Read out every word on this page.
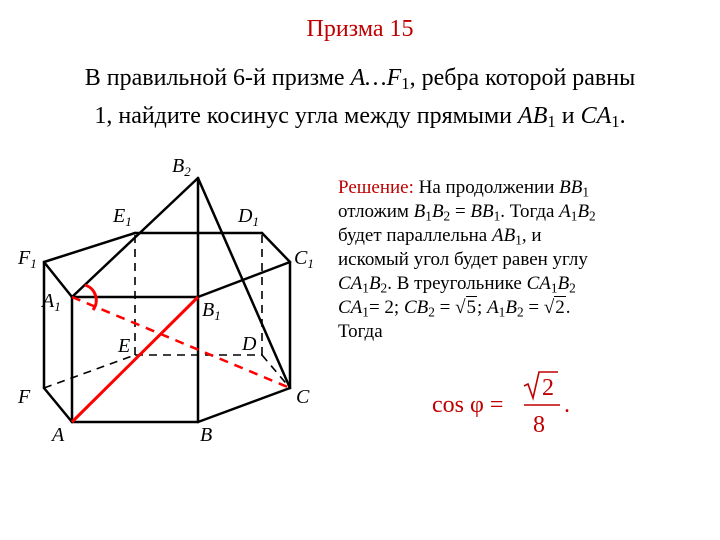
Призма 15
В правильной 6-й призме $A\dots F_1$, ребра которой равны
1, найдите косинус угла между прямыми $AB_1$ и $CA_1$.
$B_2$
$E_1$	$D_1$
$F_1$	$C_1$
$A_1$	$B_1$
E	D
F	C
A	B
Решение: На продолжении $BB_1$
отложим $B_1B_2 = BB_1$. Тогда $A_1B_2$
будет параллельна $AB_1$, и
искомый угол будет равен углу
$CA_1B_2$. В треугольнике $CA_1B_2$
$CA_1= 2$; $CB_2 = √5$; $A_1B_2 = √2$.
Тогда
cos φ =
2
8
.
